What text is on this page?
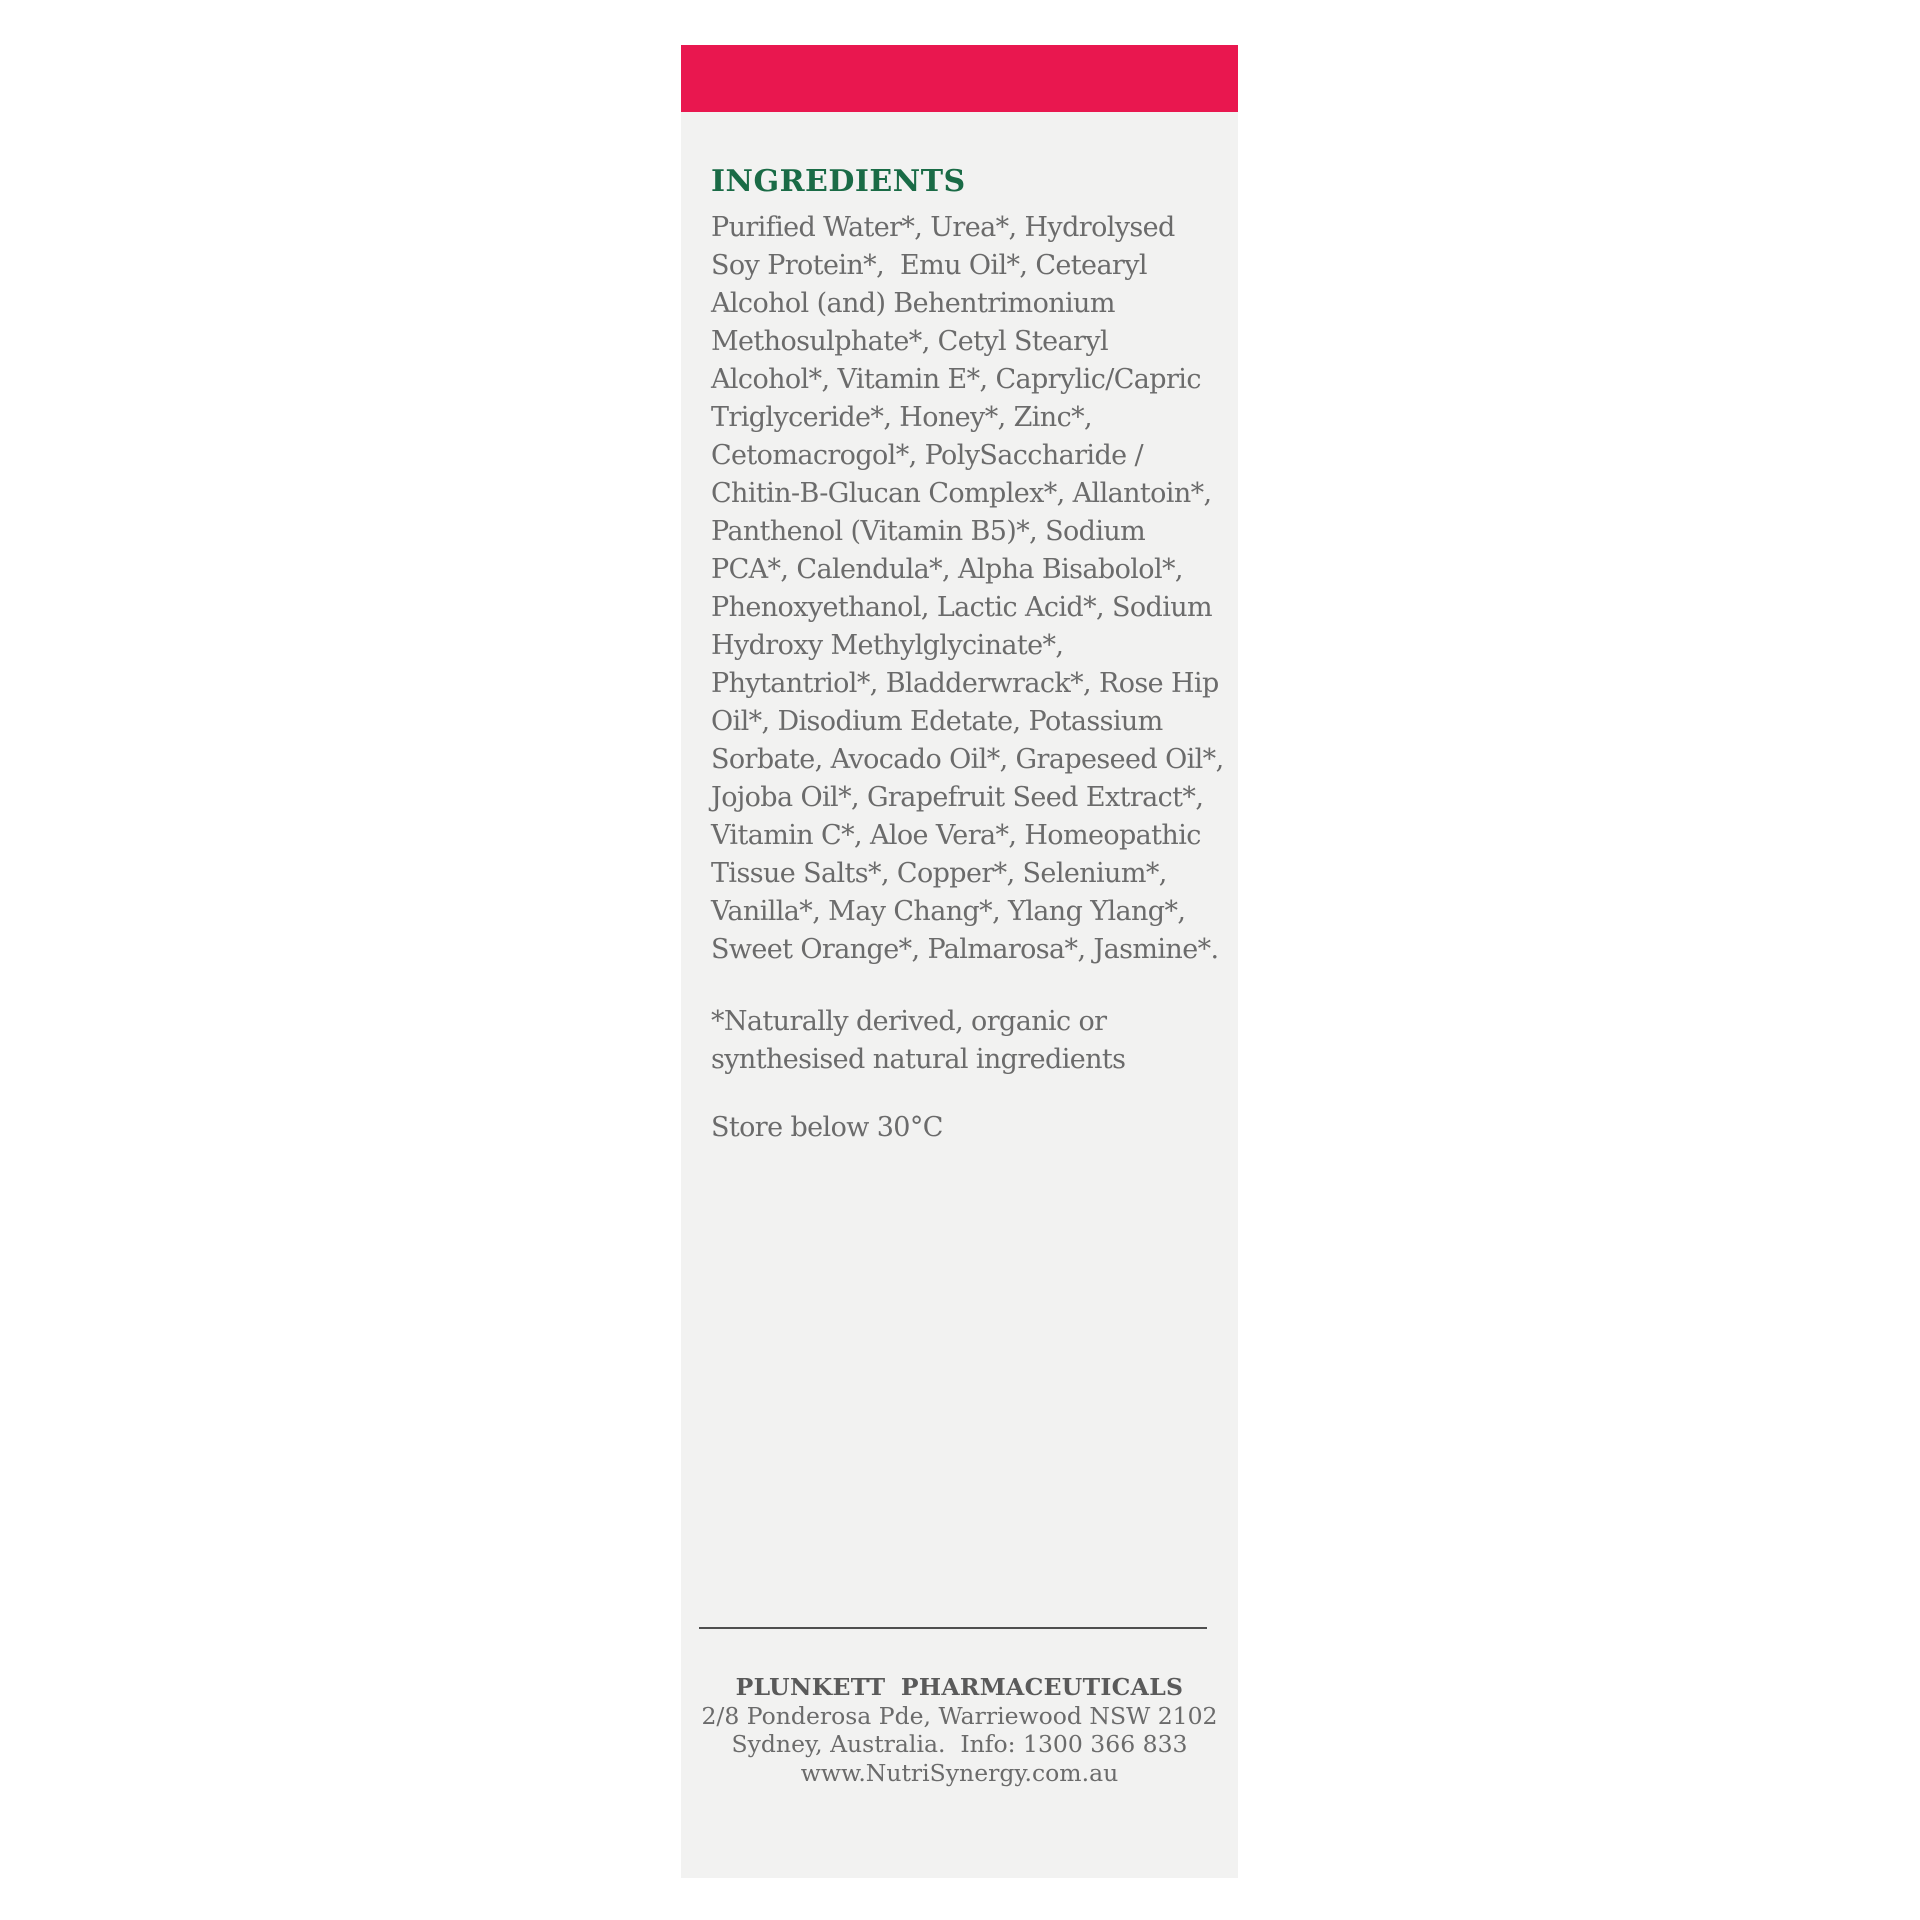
INGREDIENTS
Purified Water*, Urea*, Hydrolysed
Soy Protein*,  Emu Oil*, Cetearyl
Alcohol (and) Behentrimonium
Methosulphate*, Cetyl Stearyl
Alcohol*, Vitamin E*, Caprylic/Capric
Triglyceride*, Honey*, Zinc*,
Cetomacrogol*, PolySaccharide /
Chitin-B-Glucan Complex*, Allantoin*,
Panthenol (Vitamin B5)*, Sodium
PCA*, Calendula*, Alpha Bisabolol*,
Phenoxyethanol, Lactic Acid*, Sodium
Hydroxy Methylglycinate*,
Phytantriol*, Bladderwrack*, Rose Hip
Oil*, Disodium Edetate, Potassium
Sorbate, Avocado Oil*, Grapeseed Oil*,
Jojoba Oil*, Grapefruit Seed Extract*,
Vitamin C*, Aloe Vera*, Homeopathic
Tissue Salts*, Copper*, Selenium*,
Vanilla*, May Chang*, Ylang Ylang*,
Sweet Orange*, Palmarosa*, Jasmine*.
*Naturally derived, organic or
synthesised natural ingredients
Store below 30°C
PLUNKETT PHARMACEUTICALS
2/8 Ponderosa Pde, Warriewood NSW 2102
Sydney, Australia.  Info: 1300 366 833
www.NutriSynergy.com.au
